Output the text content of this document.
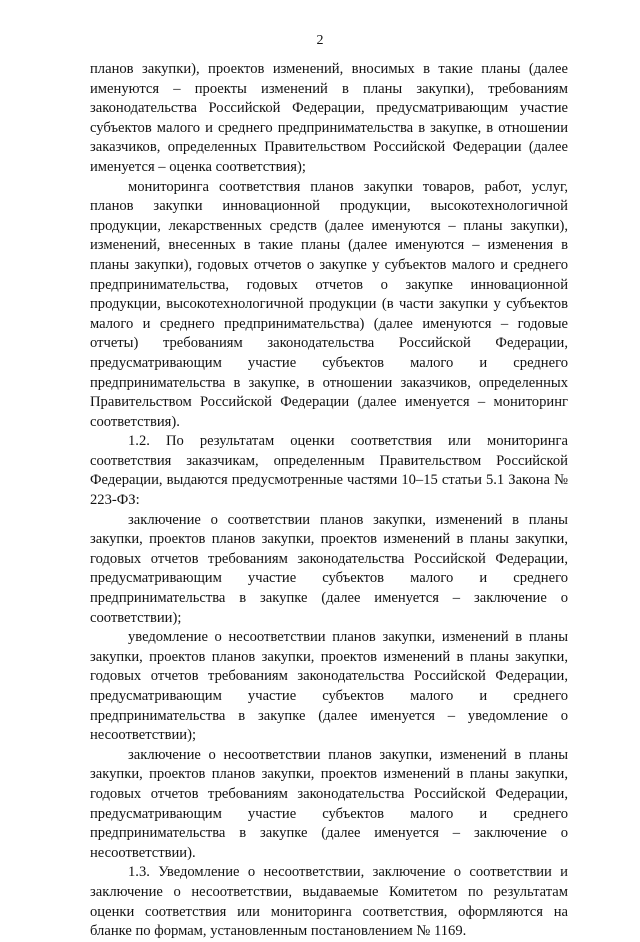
2

планов закупки), проектов изменений, вносимых в такие планы (далее именуются – проекты изменений в планы закупки), требованиям законодательства Российской Федерации, предусматривающим участие субъектов малого и среднего предпринимательства в закупке, в отношении заказчиков, определенных Правительством Российской Федерации (далее именуется – оценка соответствия);

мониторинга соответствия планов закупки товаров, работ, услуг, планов закупки инновационной продукции, высокотехнологичной продукции, лекарственных средств (далее именуются – планы закупки), изменений, внесенных в такие планы (далее именуются – изменения в планы закупки), годовых отчетов о закупке у субъектов малого и среднего предпринимательства, годовых отчетов о закупке инновационной продукции, высокотехнологичной продукции (в части закупки у субъектов малого и среднего предпринимательства) (далее именуются – годовые отчеты) требованиям законодательства Российской Федерации, предусматривающим участие субъектов малого и среднего предпринимательства в закупке, в отношении заказчиков, определенных Правительством Российской Федерации (далее именуется – мониторинг соответствия).

1.2. По результатам оценки соответствия или мониторинга соответствия заказчикам, определенным Правительством Российской Федерации, выдаются предусмотренные частями 10–15 статьи 5.1 Закона № 223-ФЗ:

заключение о соответствии планов закупки, изменений в планы закупки, проектов планов закупки, проектов изменений в планы закупки, годовых отчетов требованиям законодательства Российской Федерации, предусматривающим участие субъектов малого и среднего предпринимательства в закупке (далее именуется – заключение о соответствии);

уведомление о несоответствии планов закупки, изменений в планы закупки, проектов планов закупки, проектов изменений в планы закупки, годовых отчетов требованиям законодательства Российской Федерации, предусматривающим участие субъектов малого и среднего предпринимательства в закупке (далее именуется – уведомление о несоответствии);

заключение о несоответствии планов закупки, изменений в планы закупки, проектов планов закупки, проектов изменений в планы закупки, годовых отчетов требованиям законодательства Российской Федерации, предусматривающим участие субъектов малого и среднего предпринимательства в закупке (далее именуется – заключение о несоответствии).

1.3. Уведомление о несоответствии, заключение о соответствии и заключение о несоответствии, выдаваемые Комитетом по результатам оценки соответствия или мониторинга соответствия, оформляются на бланке по формам, установленным постановлением № 1169.
